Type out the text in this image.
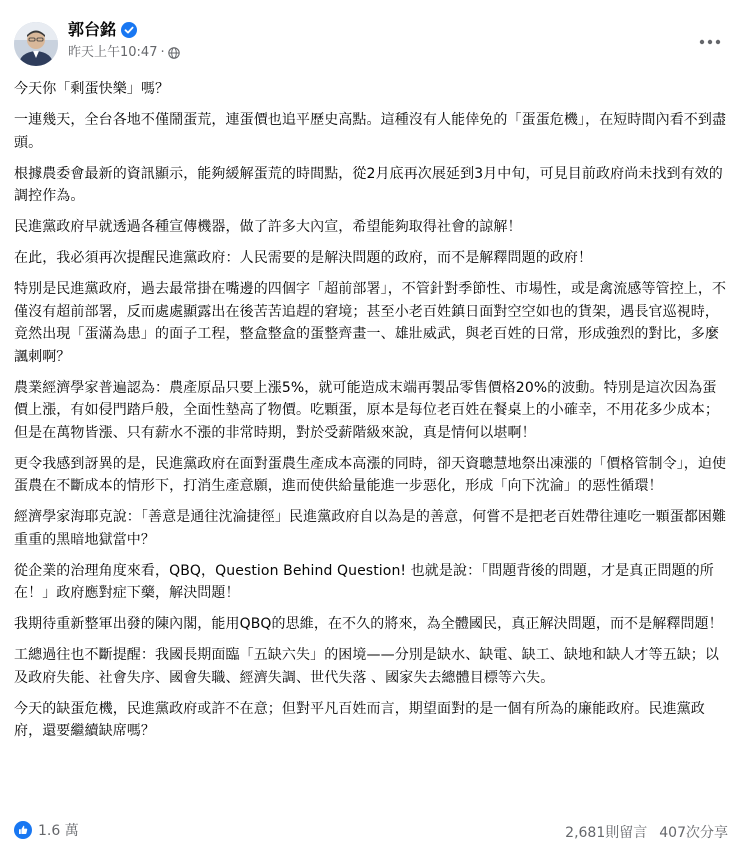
郭台銘
昨天上午10:47 ·

今天你「剩蛋快樂」嗎？

一連幾天，全台各地不僅鬧蛋荒，連蛋價也追平歷史高點。這種沒有人能倖免的「蛋蛋危機」，在短時間內看不到盡頭。

根據農委會最新的資訊顯示，能夠緩解蛋荒的時間點，從2月底再次展延到3月中旬，可見目前政府尚未找到有效的調控作為。

民進黨政府早就透過各種宣傳機器，做了許多大內宣，希望能夠取得社會的諒解！

在此，我必須再次提醒民進黨政府：人民需要的是解決問題的政府，而不是解釋問題的政府！

特別是民進黨政府，過去最常掛在嘴邊的四個字「超前部署」，不管針對季節性、市場性，或是禽流感等管控上，不僅沒有超前部署，反而處處顯露出在後苦苦追趕的窘境；甚至小老百姓鎮日面對空空如也的貨架，遇長官巡視時，竟然出現「蛋滿為患」的面子工程，整盒整盒的蛋整齊畫一、雄壯威武，與老百姓的日常，形成強烈的對比，多麼諷刺啊？

農業經濟學家普遍認為：農產原品只要上漲5%，就可能造成末端再製品零售價格20%的波動。特別是這次因為蛋價上漲，有如侵門踏戶般，全面性墊高了物價。吃顆蛋，原本是每位老百姓在餐桌上的小確幸，不用花多少成本；但是在萬物皆漲、只有薪水不漲的非常時期，對於受薪階級來說，真是情何以堪啊！

更令我感到訝異的是，民進黨政府在面對蛋農生產成本高漲的同時，卻天資聰慧地祭出凍漲的「價格管制令」，迫使蛋農在不斷成本的情形下，打消生產意願，進而使供給量能進一步惡化，形成「向下沈淪」的惡性循環！

經濟學家海耶克說：「善意是通往沈淪捷徑」民進黨政府自以為是的善意，何嘗不是把老百姓帶往連吃一顆蛋都困難重重的黑暗地獄當中？

從企業的治理角度來看，QBQ，Question Behind Question! 也就是說：「問題背後的問題，才是真正問題的所在！」政府應對症下藥，解決問題！

我期待重新整軍出發的陳內閣，能用QBQ的思維，在不久的將來，為全體國民，真正解決問題，而不是解釋問題！

工總過往也不斷提醒：我國長期面臨「五缺六失」的困境——分別是缺水、缺電、缺工、缺地和缺人才等五缺；以及政府失能、社會失序、國會失職、經濟失調、世代失落 、國家失去總體目標等六失。

今天的缺蛋危機，民進黨政府或許不在意；但對平凡百姓而言，期望面對的是一個有所為的廉能政府。民進黨政府，還要繼續缺席嗎？

1.6 萬	2,681則留言 407次分享
